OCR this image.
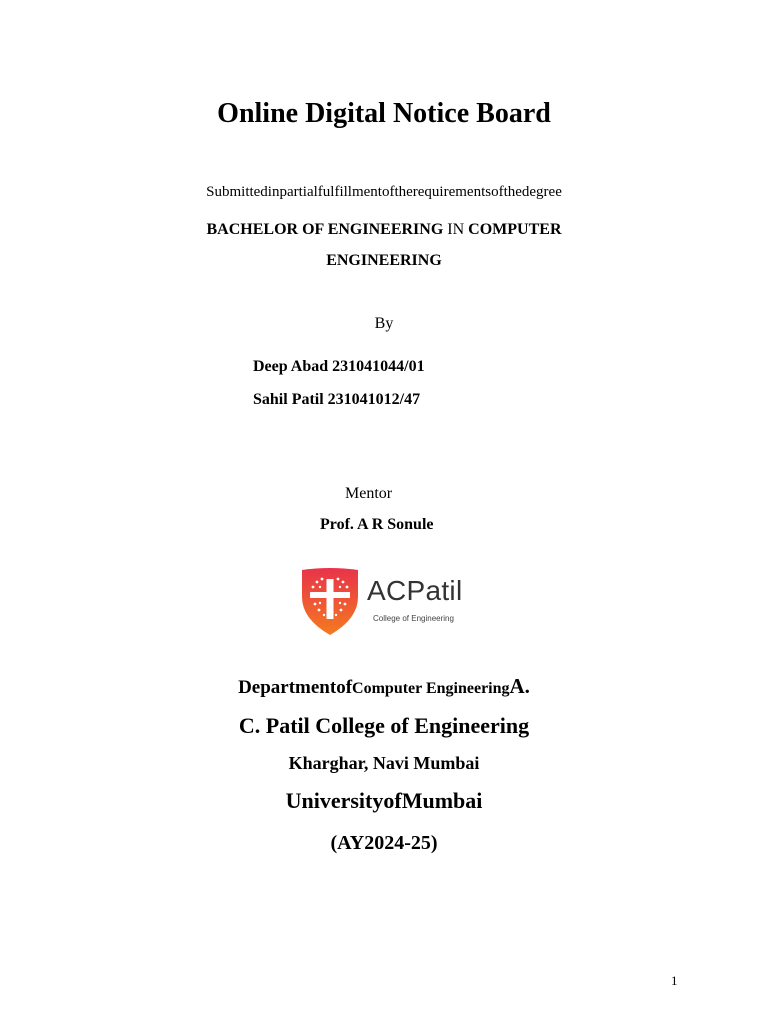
Online Digital Notice Board
Submittedinpartialfulfillmentoftherequirementsofthedegree
BACHELOR OF ENGINEERING IN COMPUTER
ENGINEERING
By
Deep Abad 231041044/01
Sahil Patil 231041012/47
Mentor
Prof. A R Sonule
ACPatil
College of Engineering
DepartmentofComputer EngineeringA.
C. Patil College of Engineering
Kharghar, Navi Mumbai
UniversityofMumbai
(AY2024-25)
1
